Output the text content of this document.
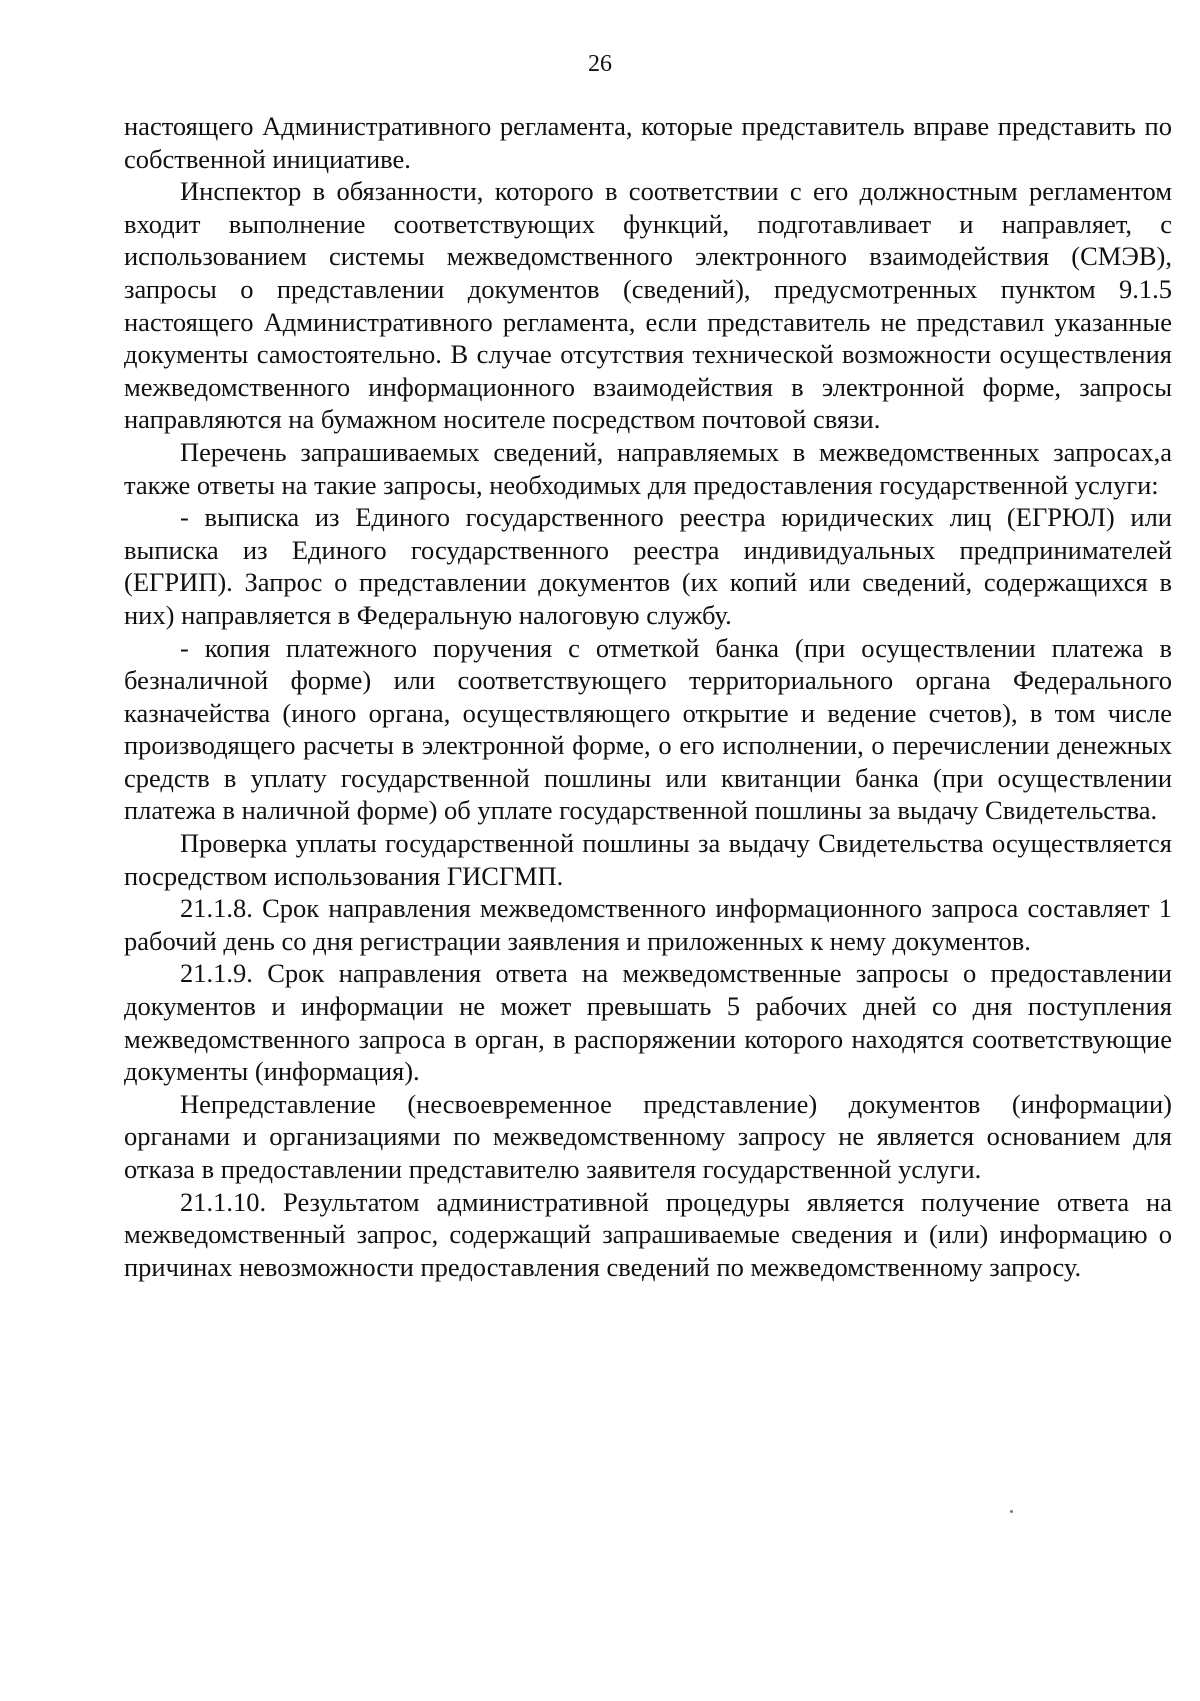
26

настоящего Административного регламента, которые представитель вправе представить по собственной инициативе.

Инспектор в обязанности, которого в соответствии с его должностным регламентом входит выполнение соответствующих функций, подготавливает и направляет, с использованием системы межведомственного электронного взаимодействия (СМЭВ), запросы о представлении документов (сведений), предусмотренных пунктом 9.1.5 настоящего Административного регламента, если представитель не представил указанные документы самостоятельно. В случае отсутствия технической возможности осуществления межведомственного информационного взаимодействия в электронной форме, запросы направляются на бумажном носителе посредством почтовой связи.

Перечень запрашиваемых сведений, направляемых в межведомственных запросах,а также ответы на такие запросы, необходимых для предоставления государственной услуги:

- выписка из Единого государственного реестра юридических лиц (ЕГРЮЛ) или выписка из Единого государственного реестра индивидуальных предпринимателей (ЕГРИП). Запрос о представлении документов (их копий или сведений, содержащихся в них) направляется в Федеральную налоговую службу.

- копия платежного поручения с отметкой банка (при осуществлении платежа в безналичной форме) или соответствующего территориального органа Федерального казначейства (иного органа, осуществляющего открытие и ведение счетов), в том числе производящего расчеты в электронной форме, о его исполнении, о перечислении денежных средств в уплату государственной пошлины или квитанции банка (при осуществлении платежа в наличной форме) об уплате государственной пошлины за выдачу Свидетельства.

Проверка уплаты государственной пошлины за выдачу Свидетельства осуществляется посредством использования ГИСГМП.

21.1.8. Срок направления межведомственного информационного запроса составляет 1 рабочий день со дня регистрации заявления и приложенных к нему документов.

21.1.9. Срок направления ответа на межведомственные запросы о предоставлении документов и информации не может превышать 5 рабочих дней со дня поступления межведомственного запроса в орган, в распоряжении которого находятся соответствующие документы (информация).

Непредставление (несвоевременное представление) документов (информации) органами и организациями по межведомственному запросу не является основанием для отказа в предоставлении представителю заявителя государственной услуги.

21.1.10. Результатом административной процедуры является получение ответа на межведомственный запрос, содержащий запрашиваемые сведения и (или) информацию о причинах невозможности предоставления сведений по межведомственному запросу.
